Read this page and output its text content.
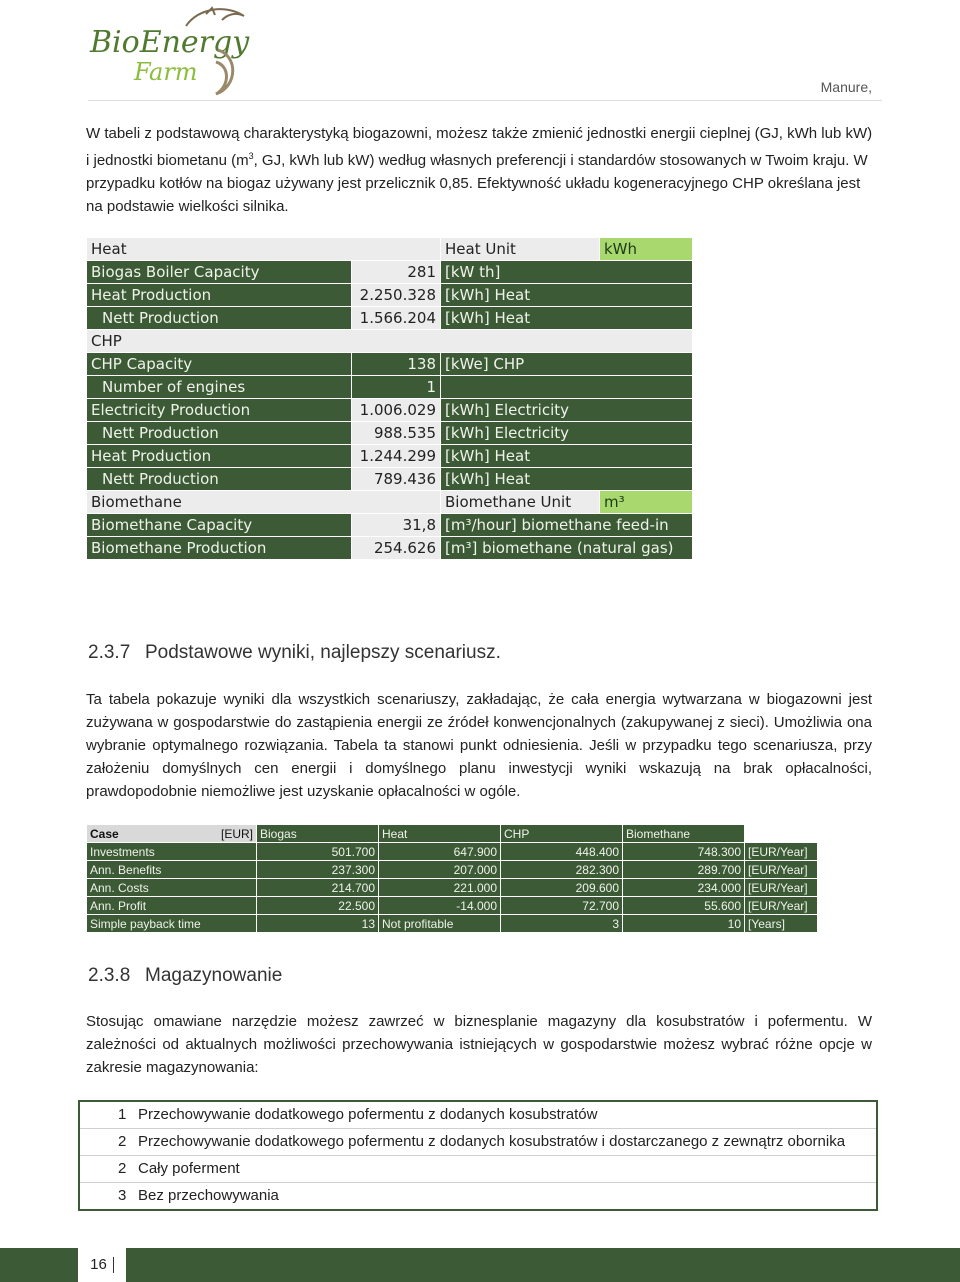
BioEnergy
Farm
Manure,
W tabeli z podstawową charakterystyką biogazowni, możesz także zmienić jednostki energii cieplnej (GJ, kWh lub kW) i jednostki biometanu ($m^3$, GJ, kWh lub kW) według własnych preferencji i standardów stosowanych w Twoim kraju. W przypadku kotłów na biogaz używany jest przelicznik 0,85. Efektywność układu kogeneracyjnego CHP określana jest na podstawie wielkości silnika.
Heat		Heat Unit	kWh
Biogas Boiler Capacity	281	[kW th]	
Heat Production	2.250.328	[kWh] Heat	
Nett Production	1.566.204	[kWh] Heat	
CHP			
CHP Capacity	138	[kWe] CHP	
Number of engines	1		
Electricity Production	1.006.029	[kWh] Electricity	
Nett Production	988.535	[kWh] Electricity	
Heat Production	1.244.299	[kWh] Heat	
Nett Production	789.436	[kWh] Heat	
Biomethane		Biomethane Unit	m³
Biomethane Capacity	31,8	[m³/hour] biomethane feed-in	
Biomethane Production	254.626	[m³] biomethane (natural gas)	
2.3.7 Podstawowe wyniki, najlepszy scenariusz.
Ta tabela pokazuje wyniki dla wszystkich scenariuszy, zakładając, że cała energia wytwarzana w biogazowni jest zużywana w gospodarstwie do zastąpienia energii ze źródeł konwencjonalnych (zakupywanej z sieci). Umożliwia ona wybranie optymalnego rozwiązania. Tabela ta stanowi punkt odniesienia. Jeśli w przypadku tego scenariusza, przy założeniu domyślnych cen energii i domyślnego planu inwestycji wyniki wskazują na brak opłacalności, prawdopodobnie niemożliwe jest uzyskanie opłacalności w ogóle.
Case [EUR]	Biogas	Heat	CHP	Biomethane	
Investments	501.700	647.900	448.400	748.300	[EUR/Year]
Ann. Benefits	237.300	207.000	282.300	289.700	[EUR/Year]
Ann. Costs	214.700	221.000	209.600	234.000	[EUR/Year]
Ann. Profit	22.500	-14.000	72.700	55.600	[EUR/Year]
Simple payback time	13	Not profitable	3	10	[Years]
2.3.8 Magazynowanie
Stosując omawiane narzędzie możesz zawrzeć w biznesplanie magazyny dla kosubstratów i pofermentu. W zależności od aktualnych możliwości przechowywania istniejących w gospodarstwie możesz wybrać różne opcje w zakresie magazynowania:
1 Przechowywanie dodatkowego pofermentu z dodanych kosubstratów
2 Przechowywanie dodatkowego pofermentu z dodanych kosubstratów i dostarczanego z zewnątrz obornika
2 Cały poferment
3 Bez przechowywania
16
